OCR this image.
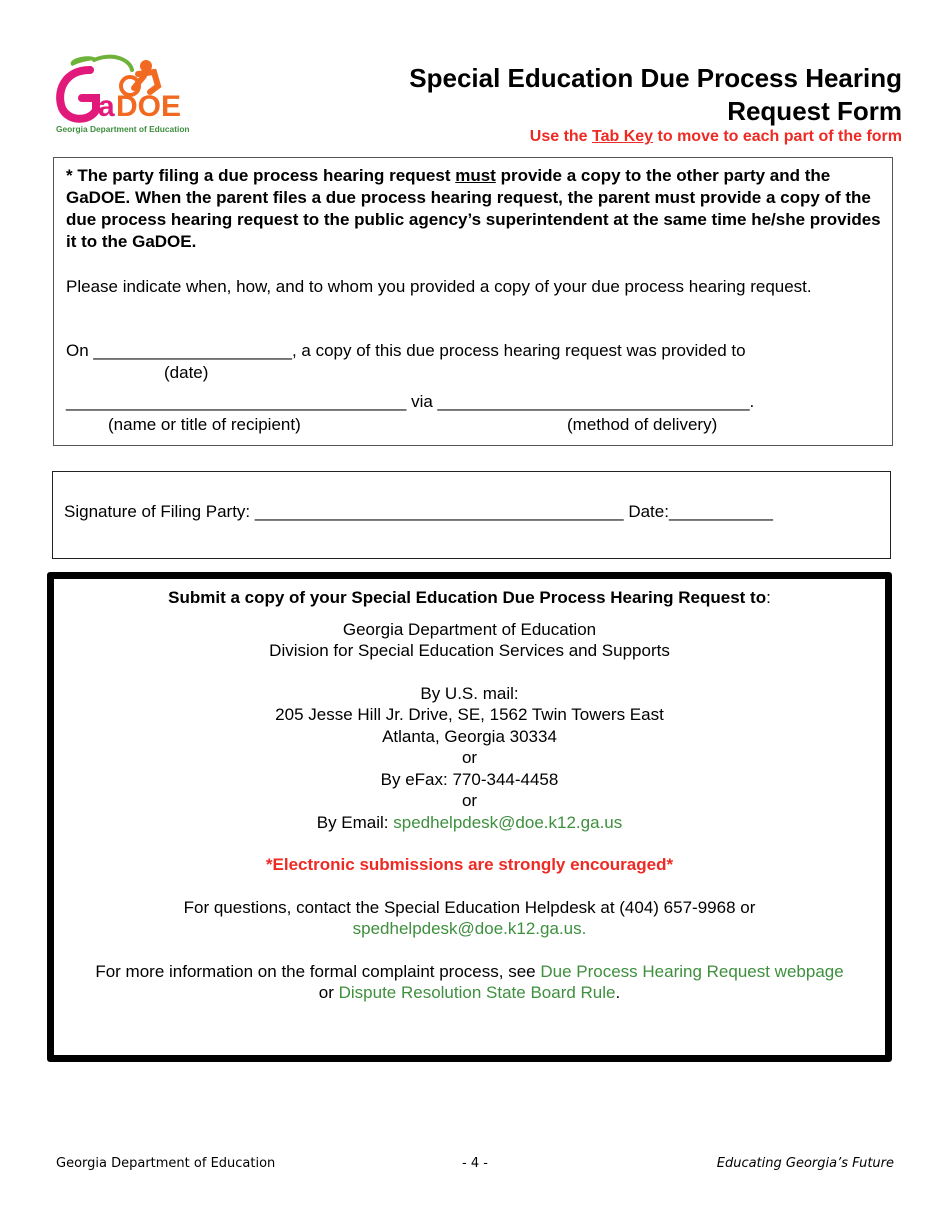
a DOE
Georgia Department of Education
Special Education Due Process Hearing
Request Form
Use the Tab Key to move to each part of the form
* The party filing a due process hearing request must provide a copy to the other party and the GaDOE. When the parent files a due process hearing request, the parent must provide a copy of the due process hearing request to the public agency’s superintendent at the same time he/she provides it to the GaDOE.
Please indicate when, how, and to whom you provided a copy of your due process hearing request.
On _____________________, a copy of this due process hearing request was provided to
(date)
____________________________________ via _________________________________.
(name or title of recipient)	(method of delivery)
Signature of Filing Party: _______________________________________ Date:___________
Submit a copy of your Special Education Due Process Hearing Request to:
Georgia Department of Education
Division for Special Education Services and Supports
By U.S. mail:
205 Jesse Hill Jr. Drive, SE, 1562 Twin Towers East
Atlanta, Georgia 30334
or
By eFax: 770-344-4458
or
By Email: spedhelpdesk@doe.k12.ga.us
*Electronic submissions are strongly encouraged*
For questions, contact the Special Education Helpdesk at (404) 657-9968 or
spedhelpdesk@doe.k12.ga.us.
For more information on the formal complaint process, see Due Process Hearing Request webpage or Dispute Resolution State Board Rule.
Georgia Department of Education	- 4 -	Educating Georgia’s Future
